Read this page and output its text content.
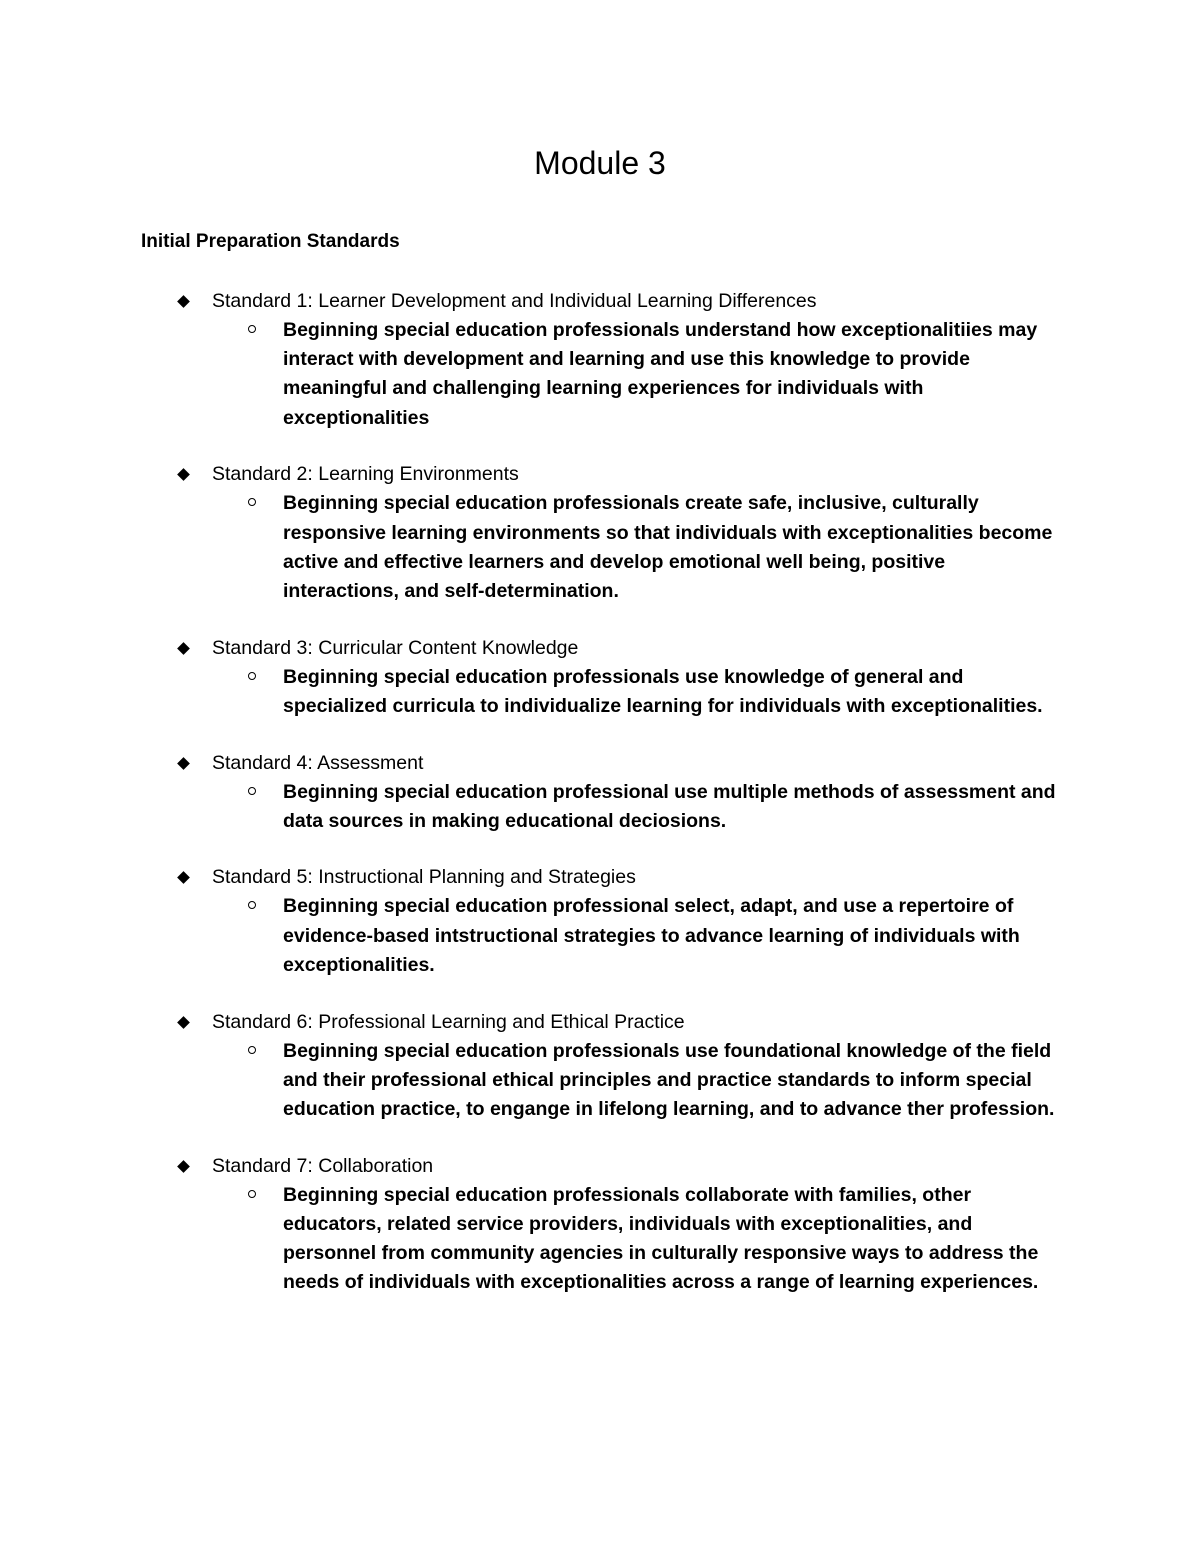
Module 3
Initial Preparation Standards
Standard 1: Learner Development and Individual Learning Differences
Beginning special education professionals understand how exceptionalitiies may interact with development and learning and use this knowledge to provide meaningful and challenging learning experiences for individuals with exceptionalities
Standard 2: Learning Environments
Beginning special education professionals create safe, inclusive, culturally responsive learning environments so that individuals with exceptionalities become active and effective learners and develop emotional well being, positive interactions, and self-determination.
Standard 3: Curricular Content Knowledge
Beginning special education professionals use knowledge of general and specialized curricula to individualize learning for individuals with exceptionalities.
Standard 4: Assessment
Beginning special education professional use multiple methods of assessment and data sources in making educational deciosions.
Standard 5: Instructional Planning and Strategies
Beginning special education professional select, adapt, and use a repertoire of evidence-based intstructional strategies to advance learning of individuals with exceptionalities.
Standard 6: Professional Learning and Ethical Practice
Beginning special education professionals use foundational knowledge of the field and their professional ethical principles and practice standards to inform special education practice, to engange in lifelong learning, and to advance ther profession.
Standard 7: Collaboration
Beginning special education professionals collaborate with families, other educators, related service providers, individuals with exceptionalities, and personnel from community agencies in culturally responsive ways to address the needs of individuals with exceptionalities across a range of learning experiences.
